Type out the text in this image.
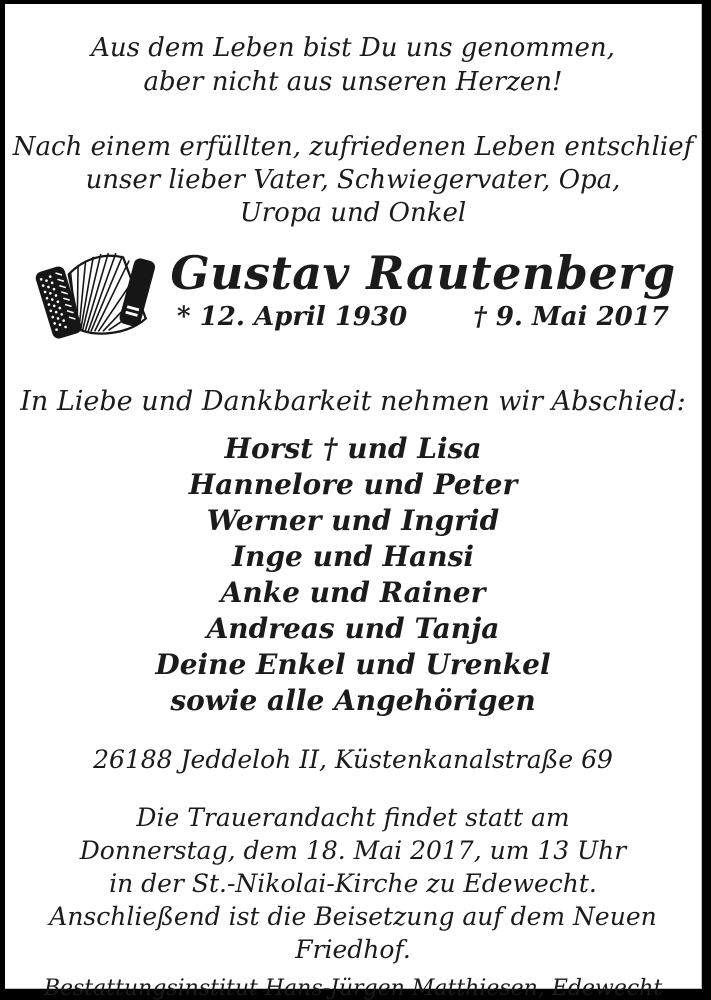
Aus dem Leben bist Du uns genommen,
aber nicht aus unseren Herzen!
Nach einem erfüllten, zufriedenen Leben entschlief
unser lieber Vater, Schwiegervater, Opa,
Uropa und Onkel
Gustav Rautenberg
* 12. April 1930	† 9. Mai 2017
In Liebe und Dankbarkeit nehmen wir Abschied:
Horst † und Lisa
Hannelore und Peter
Werner und Ingrid
Inge und Hansi
Anke und Rainer
Andreas und Tanja
Deine Enkel und Urenkel
sowie alle Angehörigen
26188 Jeddeloh II, Küstenkanalstraße 69
Die Trauerandacht findet statt am
Donnerstag, dem 18. Mai 2017, um 13 Uhr
in der St.-Nikolai-Kirche zu Edewecht.
Anschließend ist die Beisetzung auf dem Neuen Friedhof.
Bestattungsinstitut Hans-Jürgen Matthiesen, Edewecht
